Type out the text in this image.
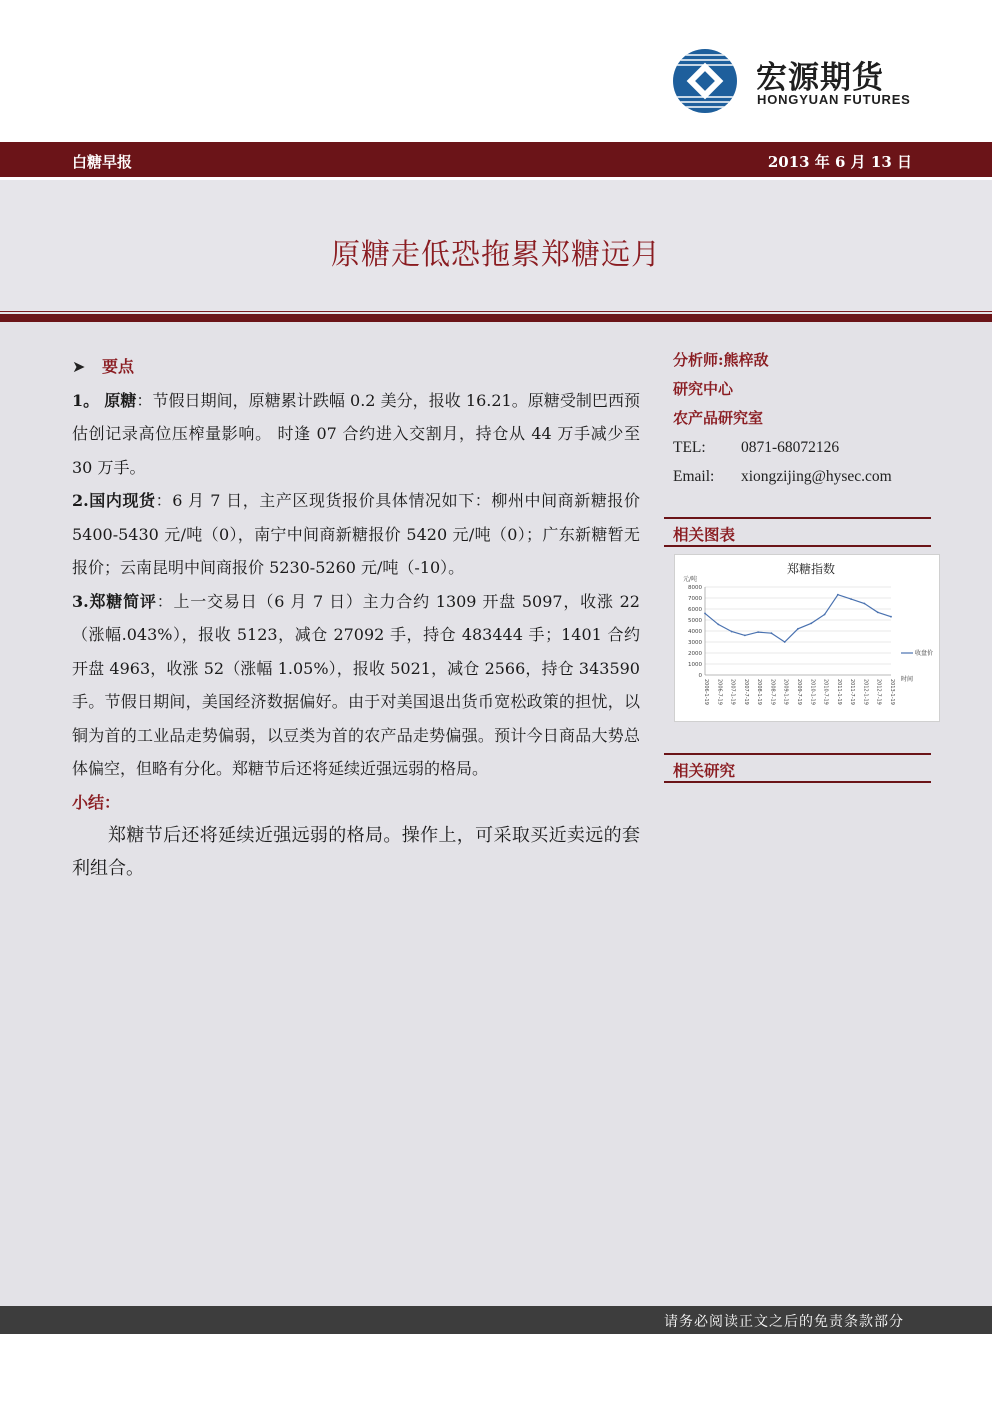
宏源期货
HONGYUAN FUTURES
白糖早报	2013 年 6 月 13 日
原糖走低恐拖累郑糖远月
➤ 要点
1。 原糖：节假日期间，原糖累计跌幅 0.2 美分，报收 16.21。原糖受制巴西预估创记录高位压榨量影响。 时逢 07 合约进入交割月，持仓从 44 万手减少至 30 万手。
2.国内现货：6 月 7 日，主产区现货报价具体情况如下：柳州中间商新糖报价 5400-5430 元/吨（0），南宁中间商新糖报价 5420 元/吨（0）；广东新糖暂无报价；云南昆明中间商报价 5230-5260 元/吨（-10）。
3.郑糖简评：上一交易日（6 月 7 日）主力合约 1309 开盘 5097，收涨 22（涨幅.043%），报收 5123，减仓 27092 手，持仓 483444 手；1401 合约开盘 4963，收涨 52（涨幅 1.05%），报收 5021，减仓 2566，持仓 343590 手。节假日期间，美国经济数据偏好。由于对美国退出货币宽松政策的担忧，以铜为首的工业品走势偏弱，以豆类为首的农产品走势偏强。预计今日商品大势总体偏空，但略有分化。郑糖节后还将延续近强远弱的格局。
小结：
郑糖节后还将延续近强远弱的格局。操作上，可采取买近卖远的套利组合。
分析师:熊梓敌
研究中心
农产品研究室
TEL: 0871-68072126
Email: xiongzijing@hysec.com
相关图表
郑糖指数
元/吨
0
1000
2000
3000
4000
5000
6000
7000
8000
2006-1-19 2006-7-19 2007-1-19 2007-7-19 2008-1-19 2008-7-19 2009-1-19 2009-7-19 2010-1-19 2010-7-19 2011-1-19 2011-7-19 2012-1-19 2012-7-19 2013-1-19
收盘价
时间
相关研究
请务必阅读正文之后的免责条款部分
